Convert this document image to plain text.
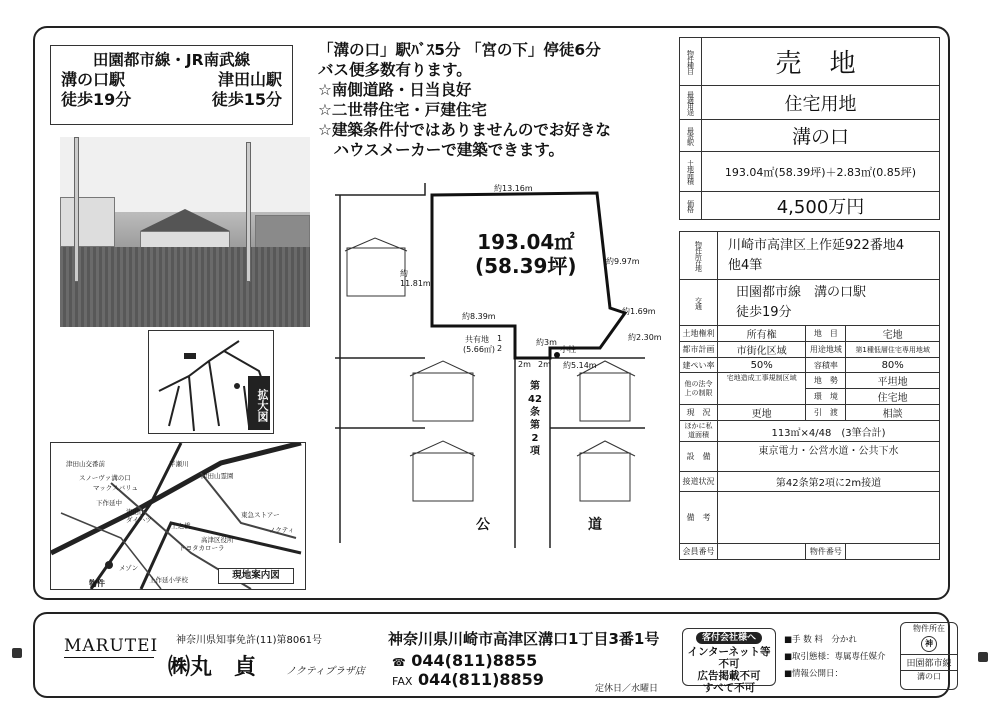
田園都市線・JR南武線
溝の口駅	津田山駅
徒歩19分	徒歩15分
「溝の口」駅ﾊﾞｽ5分 「宮の下」停徒6分
バス便多数有ります。
☆南側道路・日当良好
☆二世帯住宅・戸建住宅
☆建築条件付ではありませんのでお好きな
　ハウスメーカーで建築できます。
拡大図
津田山交番前
スノーヴァ溝の口
マックスバリュ
下作延中
津田山
ダイハツ
平瀬川
津田山霊園
東急ストアー
ノクティ
高津区役所
メゾン
上作延小学校
上之橋
トヨタカローラ
現地案内図
物件
193.04㎡
(58.39坪)
約13.16m
約9.97m
約11.81m
約8.39m
約1.69m
約2.30m
約3m
約5.14m
2m 2m
小柱
共有地
(5.66㎡)
1
2
第
42
条
第
2
項
公	道
物件種目	売 地
最適用途	住宅用地
最寄駅	溝の口
土地面積	193.04㎡(58.39坪)＋2.83㎡(0.85坪)
価格	4,500万円
物件所在地	川崎市高津区上作延922番地4
他4筆		

交通	田園都市線　溝の口駅
徒歩19分		

土地権利	所有権	地　目	宅地
都市計画	市街化区域	用途地域	第1種低層住宅専用地域
建ぺい率	50%	容積率	80%
他の法令上の制限	宅地造成工事規制区域	地　勢	平坦地
		環　境	住宅地
現　況	更地	引　渡	相談
ほかに私道面積	113㎡×4/48　(3筆合計)		
設　備	東京電力・公営水道・公共下水		
接道状況	第42条第2項に2m接道		
備　考			
会員番号		物件番号	
MARUTEI 神奈川県知事免許(11)第8061号
㈱丸　貞	ノクティプラザ店
神奈川県川崎市高津区溝口1丁目3番1号
☎ 044(811)8855
FAX 044(811)8859	定休日／水曜日
客付会社様へ
インターネット等不可
広告掲載不可
すべて不可
■手 数 料　分かれ
■取引態様：専属専任媒介
■情報公開日：
物件所在
神
田園都市線
溝の口
